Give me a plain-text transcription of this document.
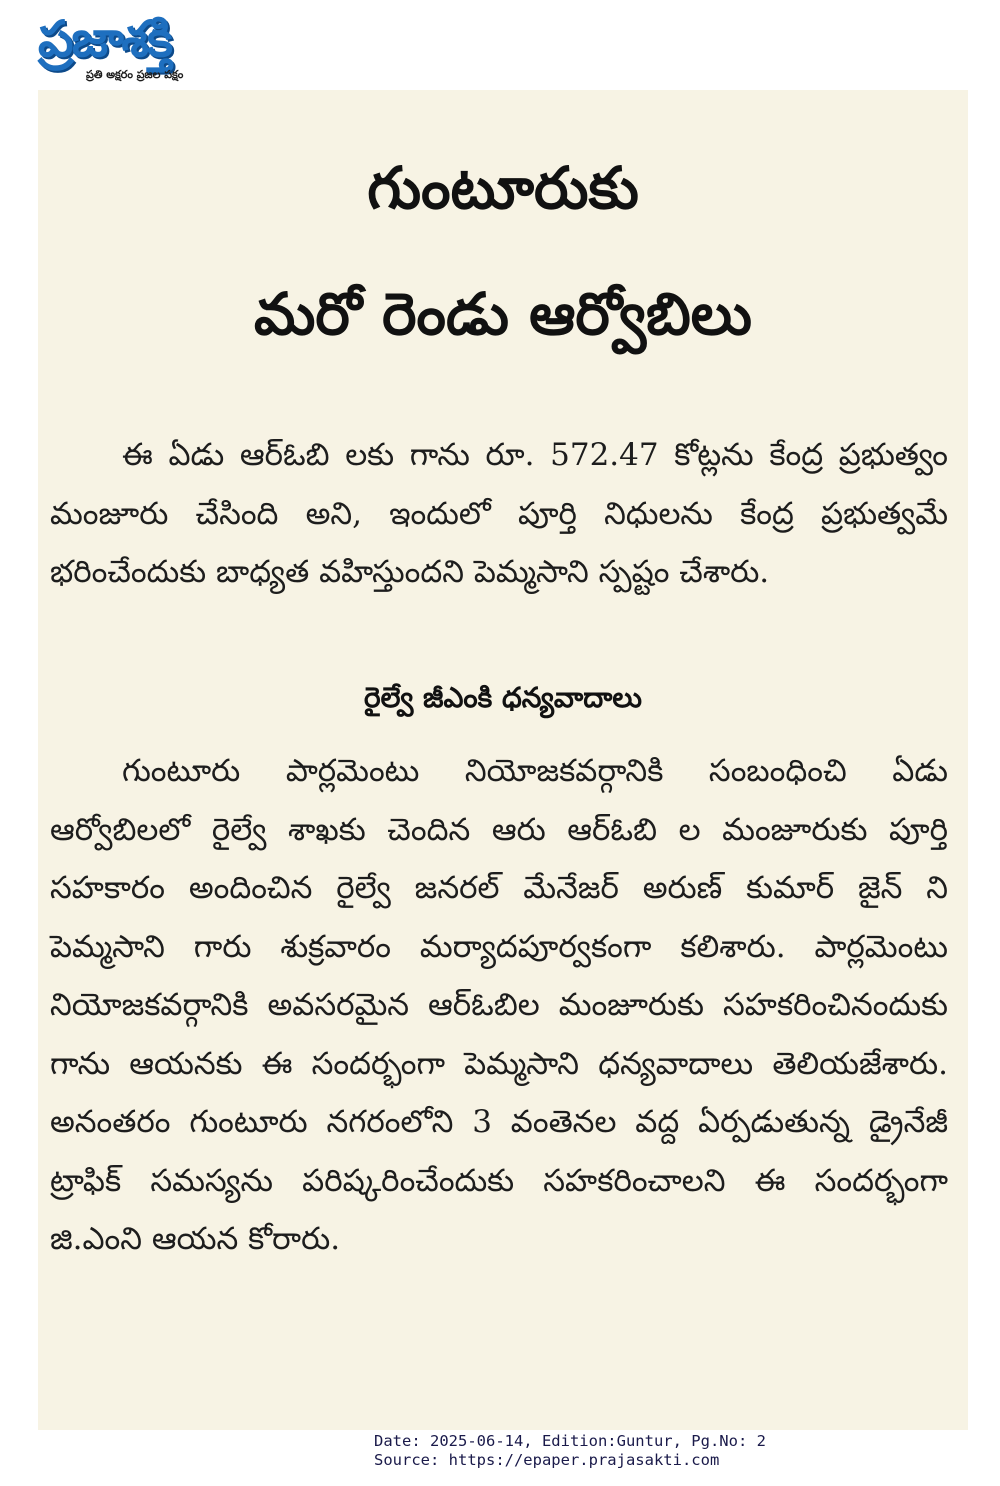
ప్రజాశక్తి
ప్రతి అక్షరం ప్రజల పక్షం
గుంటూరుకు
మరో రెండు ఆర్వోబిలు

ఈ ఏడు ఆర్ఓబి లకు గాను రూ. 572.47 కోట్లను కేంద్ర ప్రభుత్వం మంజూరు చేసింది అని, ఇందులో పూర్తి నిధులను కేంద్ర ప్రభుత్వమే భరించేందుకు బాధ్యత వహిస్తుందని పెమ్మసాని స్పష్టం చేశారు.

రైల్వే జీఎంకి ధన్యవాదాలు

గుంటూరు పార్లమెంటు నియోజకవర్గానికి సంబంధించి ఏడు ఆర్వోబిలలో రైల్వే శాఖకు చెందిన ఆరు ఆర్ఓబి ల మంజూరుకు పూర్తి సహకారం అందించిన రైల్వే జనరల్ మేనేజర్ అరుణ్ కుమార్ జైన్ ని పెమ్మసాని గారు శుక్రవారం మర్యాదపూర్వకంగా కలిశారు. పార్లమెంటు నియోజకవర్గానికి అవసరమైన ఆర్ఓబిల మంజూరుకు సహకరించినందుకు గాను ఆయనకు ఈ సందర్భంగా పెమ్మసాని ధన్యవాదాలు తెలియజేశారు. అనంతరం గుంటూరు నగరంలోని 3 వంతెనల వద్ద ఏర్పడుతున్న డ్రైనేజీ ట్రాఫిక్ సమస్యను పరిష్కరించేందుకు సహకరించాలని ఈ సందర్భంగా జి.ఎంని ఆయన కోరారు.

Date: 2025-06-14, Edition:Guntur, Pg.No: 2
Source: https://epaper.prajasakti.com
